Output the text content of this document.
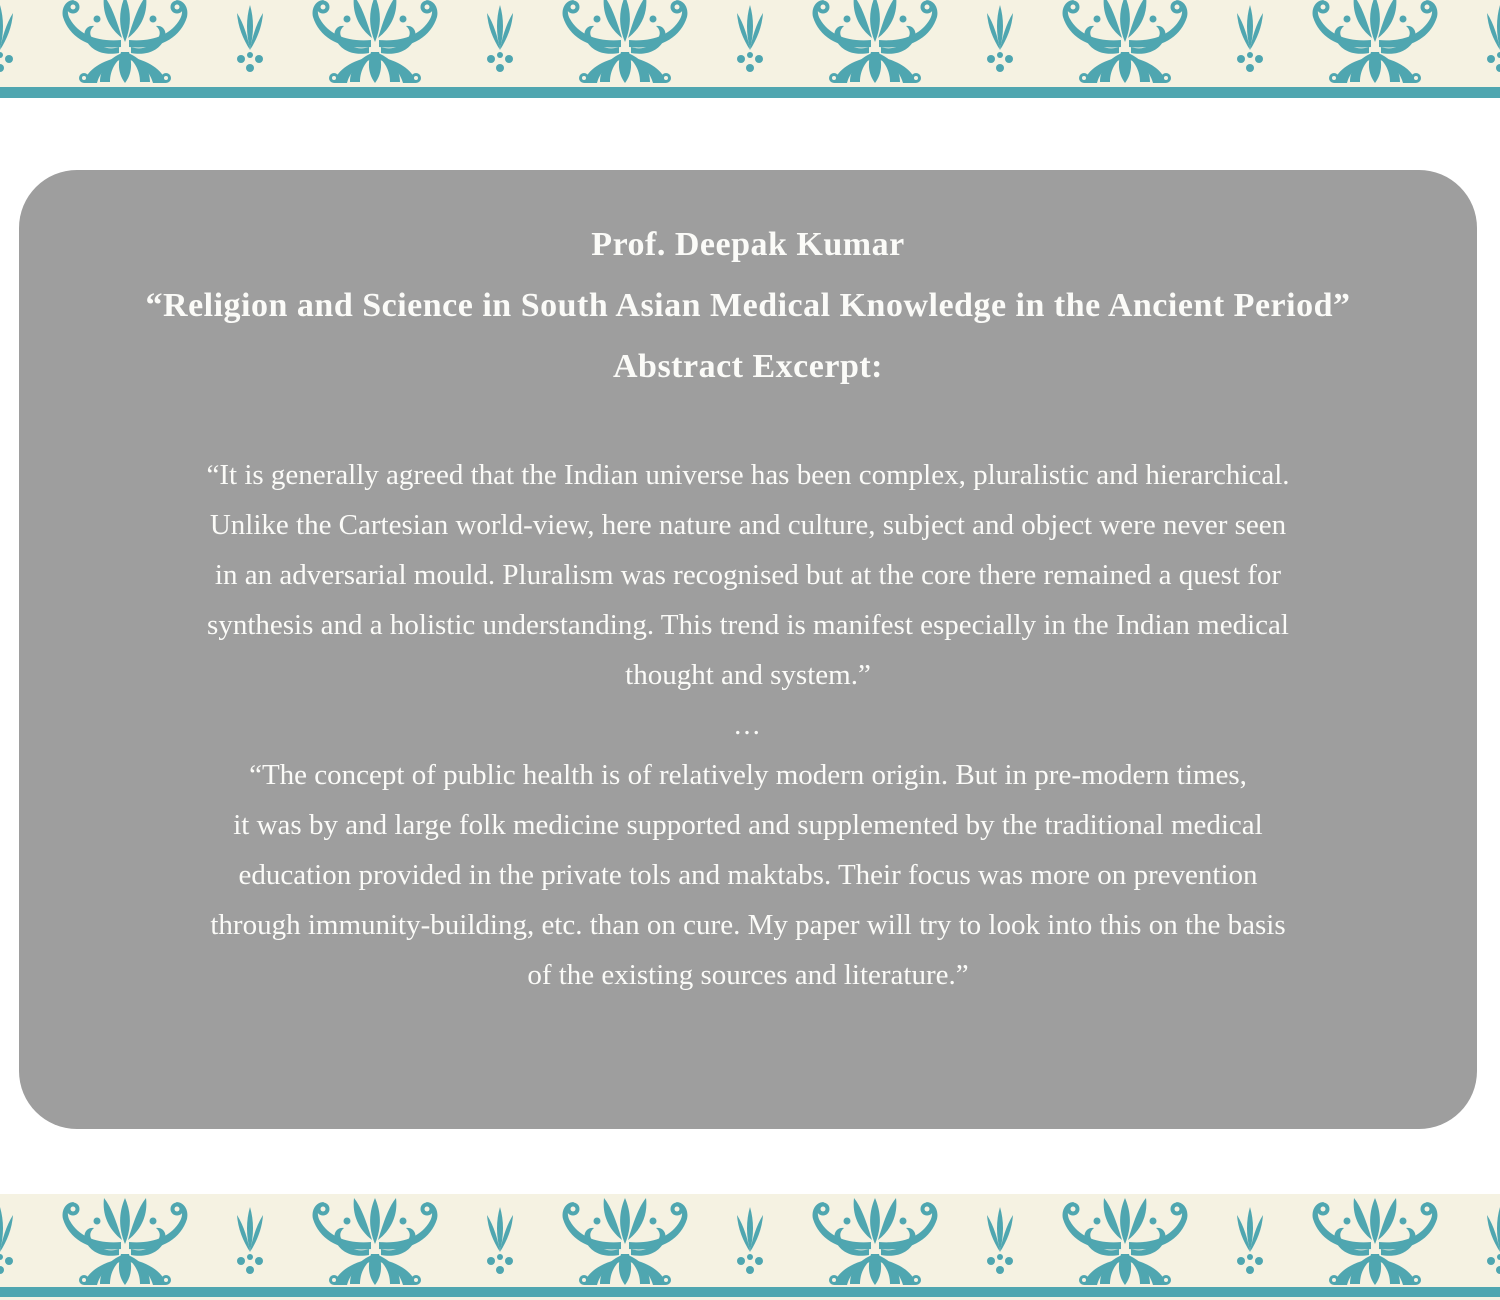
Prof. Deepak Kumar
“Religion and Science in South Asian Medical Knowledge in the Ancient Period”
Abstract Excerpt:
“It is generally agreed that the Indian universe has been complex, pluralistic and hierarchical.
Unlike the Cartesian world-view, here nature and culture, subject and object were never seen
in an adversarial mould. Pluralism was recognised but at the core there remained a quest for
synthesis and a holistic understanding. This trend is manifest especially in the Indian medical
thought and system.”
...
“The concept of public health is of relatively modern origin. But in pre-modern times,
it was by and large folk medicine supported and supplemented by the traditional medical
education provided in the private tols and maktabs. Their focus was more on prevention
through immunity-building, etc. than on cure. My paper will try to look into this on the basis
of the existing sources and literature.”
